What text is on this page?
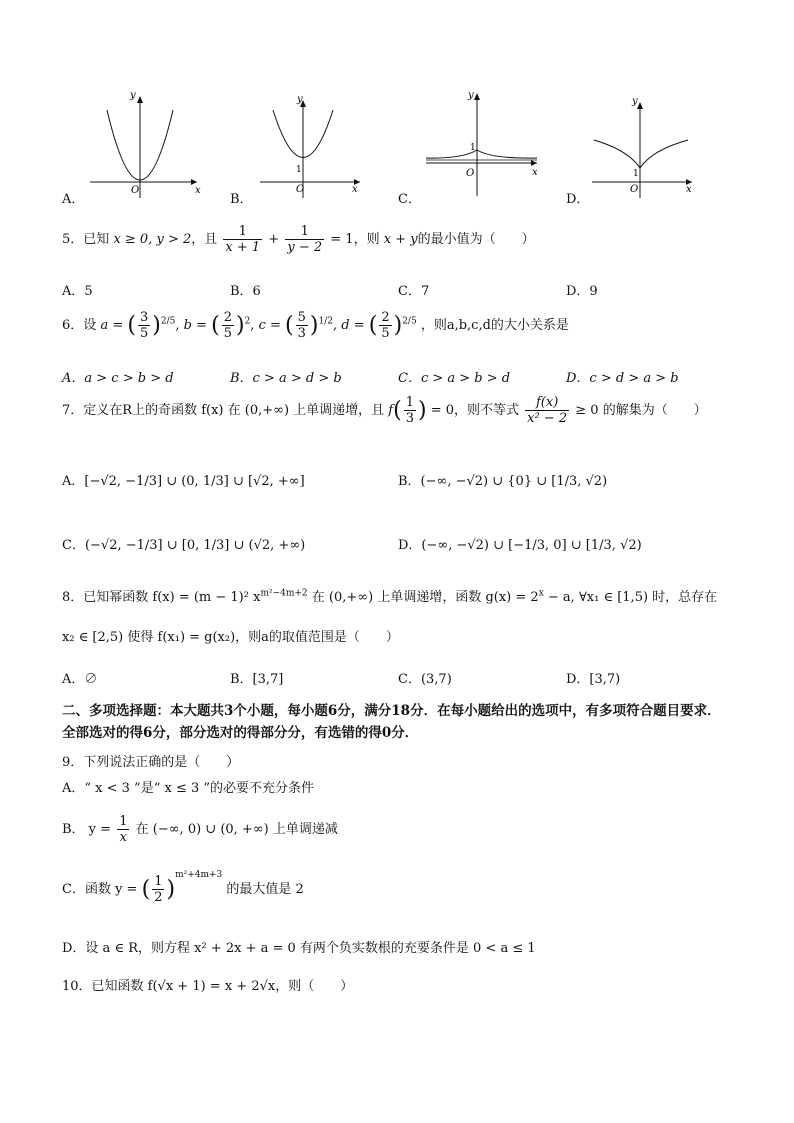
y
x
O
A．
y
x
1
O
B．
y
x
1
O
C．
y
x
1
O
D．
5．已知 x ≥ 0, y > 2，且 $\frac{1}{x + 1} + \frac{1}{y - 2} = 1$，则 x + y的最小值为（　　）
A．5	B．6	C．7	D．9
6．设 a = ( $\frac{3}{5} )^{2/5}$, b = ( $\frac{2}{5} )^2$, c = ( $\frac{5}{3} )^{1/2}$, d = ( $\frac{2}{5} )^{2/5}$ ，则a,b,c,d的大小关系是
A．a > c > b > d	B．c > a > d > b	C．c > a > b > d	D．c > d > a > b
7．定义在R上的奇函数 f(x) 在 (0,+∞) 上单调递增，且 $f( \frac{1}{3}$ ) = 0，则不等式 $\frac{f(x)}{\text{x² − 2}} \ge 0$ 的解集为（　　）
A．[−√2, −1/3] ∪ (0, 1/3] ∪ [√2, +∞]	B．(−∞, −√2) ∪ {0} ∪ [1/3, √2)
C．(−√2, −1/3] ∪ [0, 1/3] ∪ (√2, +∞)	D．(−∞, −√2) ∪ [−1/3, 0] ∪ [1/3, √2)
8．已知幂函数 f(x) = (m − 1)² $x^{m^2-4m+2}$ 在 (0,+∞) 上单调递增，函数 $g(x) = 2^x - a$, ∀x₁ ∈ [1,5) 时，总存在
x₂ ∈ [2,5) 使得 f(x₁) = g(x₂)，则a的取值范围是（　　）
A．∅	B．[3,7]	C．(3,7)	D．[3,7)
二、多项选择题：本大题共3个小题，每小题6分，满分18分．在每小题给出的选项中，有多项符合题目要求．全部选对的得6分，部分选对的得部分分，有选错的得0分．
9．下列说法正确的是（　　）
A．“ x < 3 ”是“ x ≤ 3 ”的必要不充分条件
B． $y = \frac{1}{x}$ 在 (−∞, 0) ∪ (0, +∞) 上单调递减
C．函数 y = ( $\frac{1}{2} )^{m^2+4m+3}$ 的最大值是 2
D．设 a ∈ R，则方程 x² + 2x + a = 0 有两个负实数根的充要条件是 0 < a ≤ 1
10．已知函数 f(√x + 1) = x + 2√x，则（　　）
